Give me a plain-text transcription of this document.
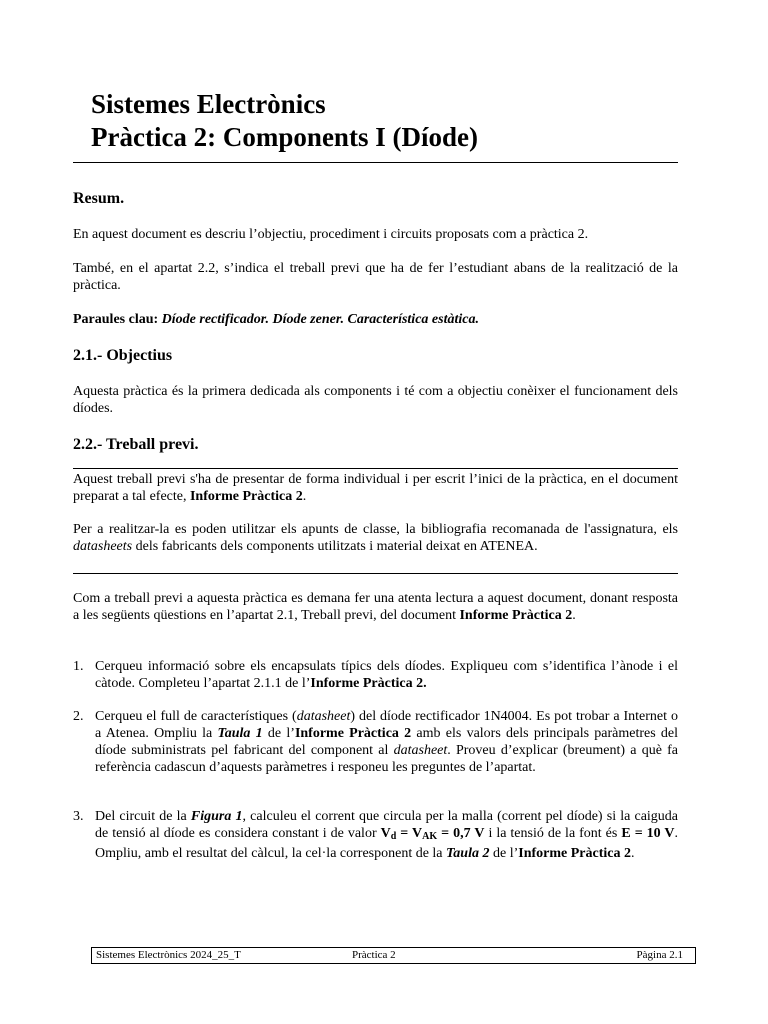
Sistemes Electrònics
Pràctica 2: Components I (Díode)
Resum.
En aquest document es descriu l’objectiu, procediment i circuits proposats com a pràctica 2.
També, en el apartat 2.2, s’indica el treball previ que ha de fer l’estudiant abans de la realització de la pràctica.
Paraules clau: Díode rectificador. Díode zener. Característica estàtica.
2.1.- Objectius
Aquesta pràctica és la primera dedicada als components i té com a objectiu conèixer el funcionament dels díodes.
2.2.- Treball previ.
Aquest treball previ s'ha de presentar de forma individual i per escrit l’inici de la pràctica, en el document preparat a tal efecte, Informe Pràctica 2.
Per a realitzar-la es poden utilitzar els apunts de classe, la bibliografia recomanada de l'assignatura, els datasheets dels fabricants dels components utilitzats i material deixat en ATENEA.
Com a treball previ a aquesta pràctica es demana fer una atenta lectura a aquest document, donant resposta a les següents qüestions en l’apartat 2.1, Treball previ, del document Informe Pràctica 2.
1. Cerqueu informació sobre els encapsulats típics dels díodes. Expliqueu com s’identifica l’ànode i el càtode. Completeu l’apartat 2.1.1 de l’Informe Pràctica 2.
2. Cerqueu el full de característiques (datasheet) del díode rectificador 1N4004. Es pot trobar a Internet o a Atenea. Ompliu la Taula 1 de l’Informe Pràctica 2 amb els valors dels principals paràmetres del díode subministrats pel fabricant del component al datasheet. Proveu d’explicar (breument) a què fa referència cadascun d’aquests paràmetres i responeu les preguntes de l’apartat.
3. Del circuit de la Figura 1, calculeu el corrent que circula per la malla (corrent pel díode) si la caiguda de tensió al díode es considera constant i de valor $V_d = V_{AK} = 0,7$ V i la tensió de la font és E = 10 V. Ompliu, amb el resultat del càlcul, la cel·la corresponent de la Taula 2 de l’Informe Pràctica 2.
Sistemes Electrònics 2024_25_T	Pràctica 2	Pàgina 2.1
